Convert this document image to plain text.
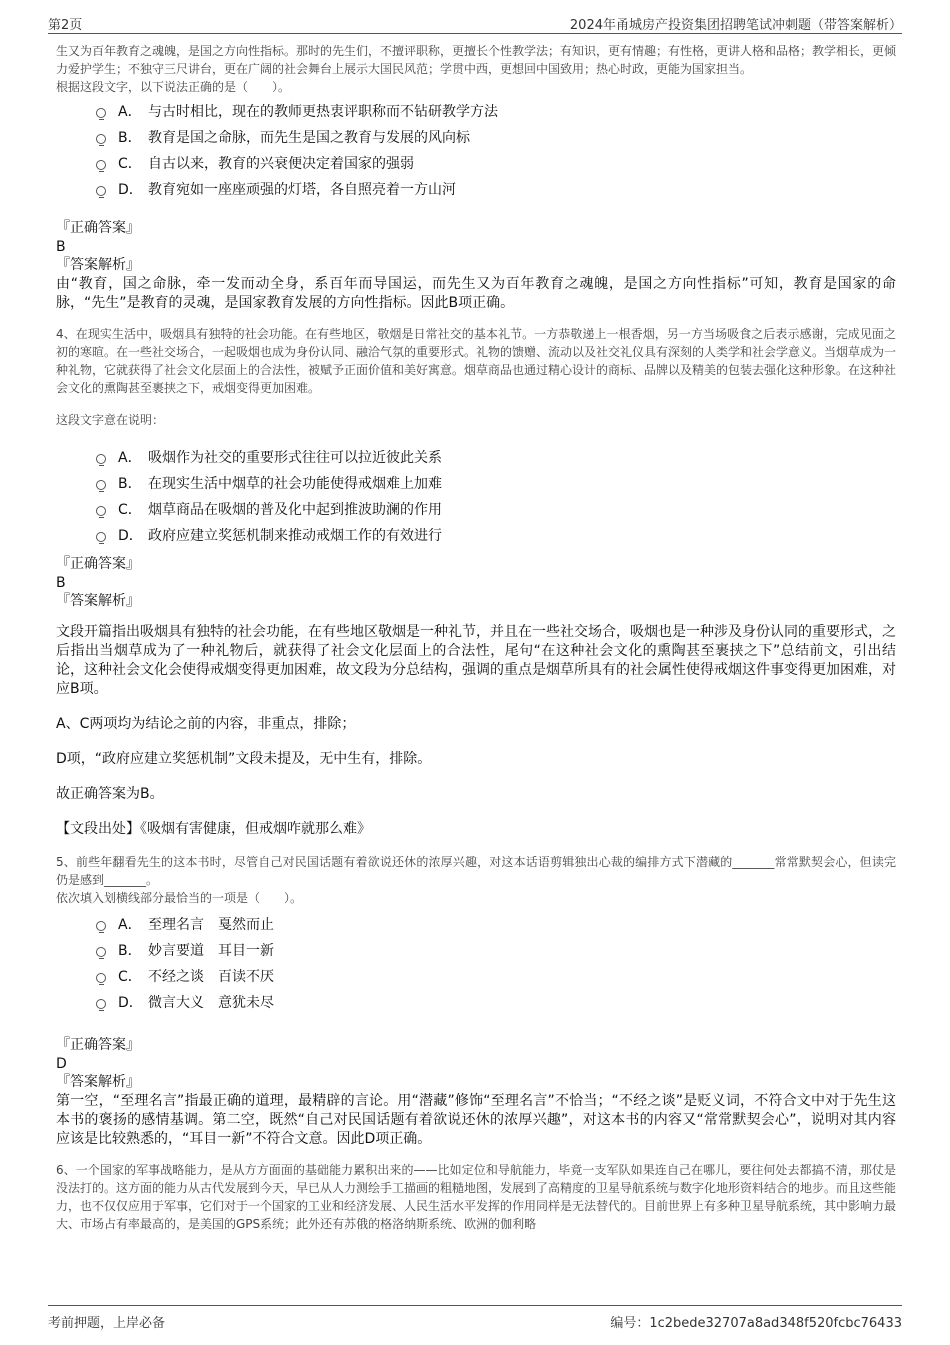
第2页	2024年甬城房产投资集团招聘笔试冲刺题（带答案解析）

生又为百年教育之魂魄，是国之方向性指标。那时的先生们，不擅评职称，更擅长个性教学法；有知识，更有情趣；有性格，更讲人格和品格；教学相长，更倾力爱护学生；不独守三尺讲台，更在广阔的社会舞台上展示大国民风范；学贯中西，更想回中国致用；热心时政，更能为国家担当。

根据这段文字，以下说法正确的是（　　）。

A． 与古时相比，现在的教师更热衷评职称而不钻研教学方法
B． 教育是国之命脉，而先生是国之教育与发展的风向标
C． 自古以来，教育的兴衰便决定着国家的强弱
D． 教育宛如一座座顽强的灯塔，各自照亮着一方山河

『正确答案』

B

『答案解析』

由“教育，国之命脉，牵一发而动全身，系百年而导国运，而先生又为百年教育之魂魄，是国之方向性指标”可知，教育是国家的命脉，“先生”是教育的灵魂，是国家教育发展的方向性指标。因此B项正确。

4、在现实生活中，吸烟具有独特的社会功能。在有些地区，敬烟是日常社交的基本礼节。一方恭敬递上一根香烟，另一方当场吸食之后表示感谢，完成见面之初的寒暄。在一些社交场合，一起吸烟也成为身份认同、融洽气氛的重要形式。礼物的馈赠、流动以及社交礼仪具有深刻的人类学和社会学意义。当烟草成为一种礼物，它就获得了社会文化层面上的合法性，被赋予正面价值和美好寓意。烟草商品也通过精心设计的商标、品牌以及精美的包装去强化这种形象。在这种社会文化的熏陶甚至裹挟之下，戒烟变得更加困难。

这段文字意在说明：

A． 吸烟作为社交的重要形式往往可以拉近彼此关系
B． 在现实生活中烟草的社会功能使得戒烟难上加难
C． 烟草商品在吸烟的普及化中起到推波助澜的作用
D． 政府应建立奖惩机制来推动戒烟工作的有效进行

『正确答案』

B

『答案解析』

文段开篇指出吸烟具有独特的社会功能，在有些地区敬烟是一种礼节，并且在一些社交场合，吸烟也是一种涉及身份认同的重要形式，之后指出当烟草成为了一种礼物后，就获得了社会文化层面上的合法性，尾句“在这种社会文化的熏陶甚至裹挟之下”总结前文，引出结论，这种社会文化会使得戒烟变得更加困难，故文段为分总结构，强调的重点是烟草所具有的社会属性使得戒烟这件事变得更加困难，对应B项。

A、C两项均为结论之前的内容，非重点，排除；

D项，“政府应建立奖惩机制”文段未提及，无中生有，排除。

故正确答案为B。

【文段出处】《吸烟有害健康，但戒烟咋就那么难》

5、前些年翻看先生的这本书时，尽管自己对民国话题有着欲说还休的浓厚兴趣，对这本话语剪辑独出心裁的编排方式下潜藏的_______常常默契会心，但读完仍是感到_______。

依次填入划横线部分最恰当的一项是（　　）。

A． 至理名言　戛然而止
B． 妙言要道　耳目一新
C． 不经之谈　百读不厌
D． 微言大义　意犹未尽

『正确答案』

D

『答案解析』

第一空，“至理名言”指最正确的道理，最精辟的言论。用“潜藏”修饰“至理名言”不恰当；“不经之谈”是贬义词，不符合文中对于先生这本书的褒扬的感情基调。第二空，既然“自己对民国话题有着欲说还休的浓厚兴趣”，对这本书的内容又“常常默契会心”，说明对其内容应该是比较熟悉的，“耳目一新”不符合文意。因此D项正确。

6、一个国家的军事战略能力，是从方方面面的基础能力累积出来的——比如定位和导航能力，毕竟一支军队如果连自己在哪儿，要往何处去都搞不清，那仗是没法打的。这方面的能力从古代发展到今天，早已从人力测绘手工描画的粗糙地图，发展到了高精度的卫星导航系统与数字化地形资料结合的地步。而且这些能力，也不仅仅应用于军事，它们对于一个国家的工业和经济发展、人民生活水平发挥的作用同样是无法替代的。目前世界上有多种卫星导航系统，其中影响力最大、市场占有率最高的，是美国的GPS系统；此外还有苏俄的格洛纳斯系统、欧洲的伽利略

考前押题，上岸必备	编号：1c2bede32707a8ad348f520fcbc76433
